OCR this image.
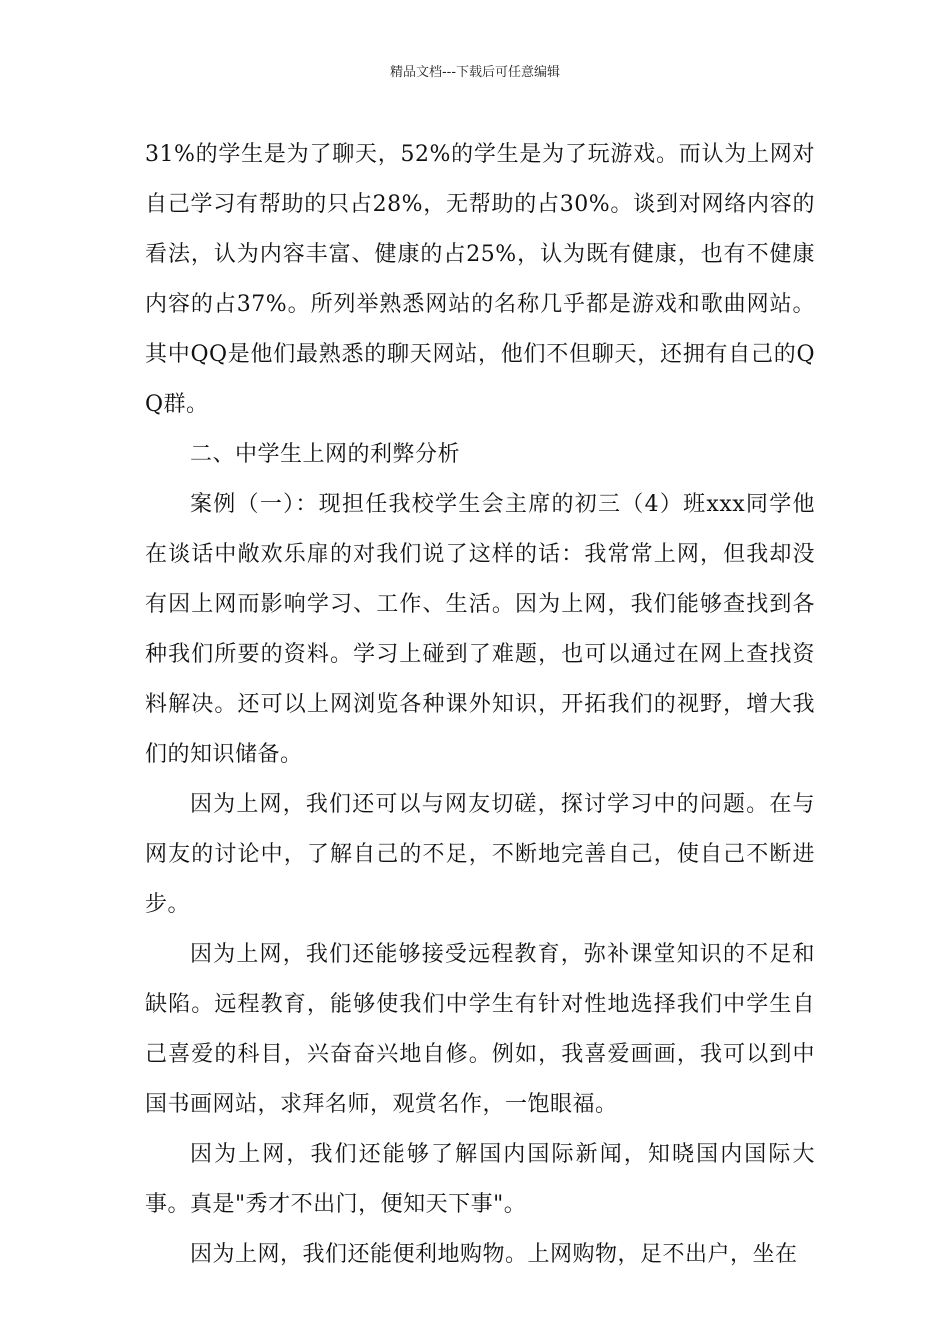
精品文档---下载后可任意编辑

31%的学生是为了聊天，52%的学生是为了玩游戏。而认为上网对自己学习有帮助的只占28%，无帮助的占30%。谈到对网络内容的看法，认为内容丰富、健康的占25%，认为既有健康，也有不健康内容的占37%。所列举熟悉网站的名称几乎都是游戏和歌曲网站。其中QQ是他们最熟悉的聊天网站，他们不但聊天，还拥有自己的QQ群。

二、中学生上网的利弊分析

案例（一）：现担任我校学生会主席的初三（4）班xxx同学他在谈话中敞欢乐扉的对我们说了这样的话：我常常上网，但我却没有因上网而影响学习、工作、生活。因为上网，我们能够查找到各种我们所要的资料。学习上碰到了难题，也可以通过在网上查找资料解决。还可以上网浏览各种课外知识，开拓我们的视野，增大我们的知识储备。

因为上网，我们还可以与网友切磋，探讨学习中的问题。在与网友的讨论中，了解自己的不足，不断地完善自己，使自己不断进步。

因为上网，我们还能够接受远程教育，弥补课堂知识的不足和缺陷。远程教育，能够使我们中学生有针对性地选择我们中学生自己喜爱的科目，兴奋奋兴地自修。例如，我喜爱画画，我可以到中国书画网站，求拜名师，观赏名作，一饱眼福。

因为上网，我们还能够了解国内国际新闻，知晓国内国际大事。真是"秀才不出门，便知天下事"。

因为上网，我们还能便利地购物。上网购物，足不出户，坐在
